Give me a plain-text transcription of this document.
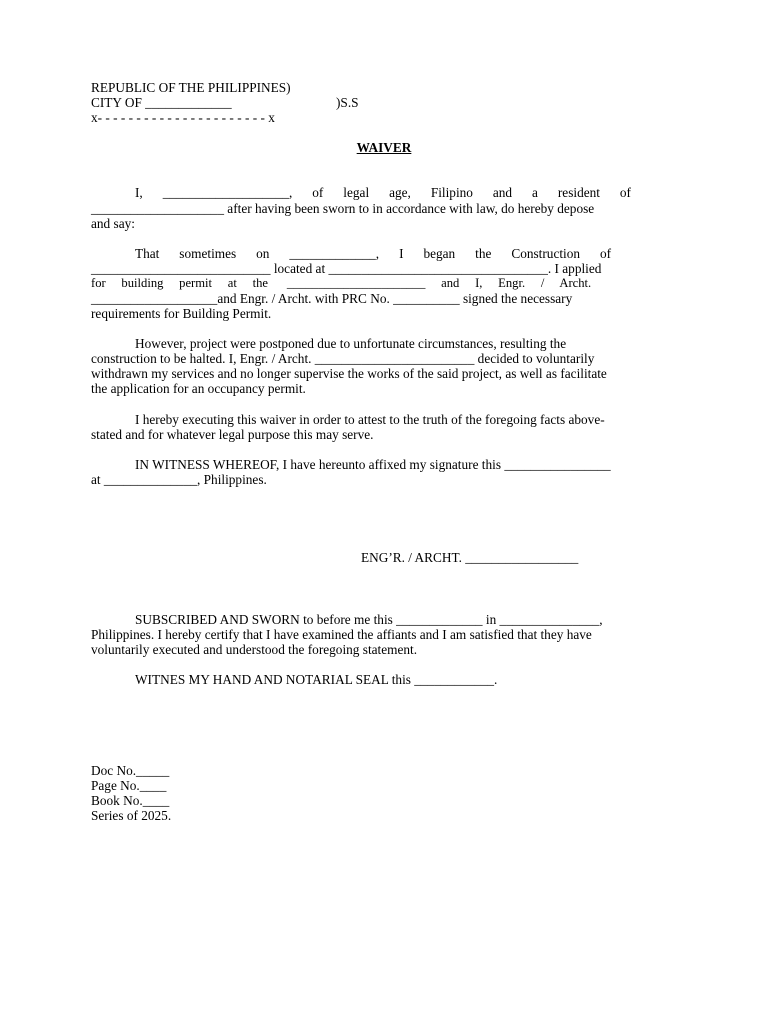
REPUBLIC OF THE PHILIPPINES)
CITY OF _____________	)S.S
x- - - - - - - - - - - - - - - - - - - - - - x
WAIVER
I,      ___________________,      of      legal      age,      Filipino      and      a      resident      of
____________________ after having been sworn to in accordance with law, do hereby depose
and say:
That      sometimes      on      _____________,      I      began      the      Construction      of
___________________________ located at _________________________________. I applied
for     building     permit     at     the      ______________________     and     I,     Engr.     /     Archt.
___________________and Engr. / Archt. with PRC No. __________ signed the necessary
requirements for Building Permit.
However, project were postponed due to unfortunate circumstances, resulting the
construction to be halted. I, Engr. / Archt. ________________________ decided to voluntarily
withdrawn my services and no longer supervise the works of the said project, as well as facilitate
the application for an occupancy permit.
I hereby executing this waiver in order to attest to the truth of the foregoing facts above-
stated and for whatever legal purpose this may serve.
IN WITNESS WHEREOF, I have hereunto affixed my signature this ________________
at ______________, Philippines.
ENG’R. / ARCHT. _________________
SUBSCRIBED AND SWORN to before me this _____________ in _______________,
Philippines. I hereby certify that I have examined the affiants and I am satisfied that they have
voluntarily executed and understood the foregoing statement.
WITNES MY HAND AND NOTARIAL SEAL this ____________.
Doc No._____
Page No.____
Book No.____
Series of 2025.
